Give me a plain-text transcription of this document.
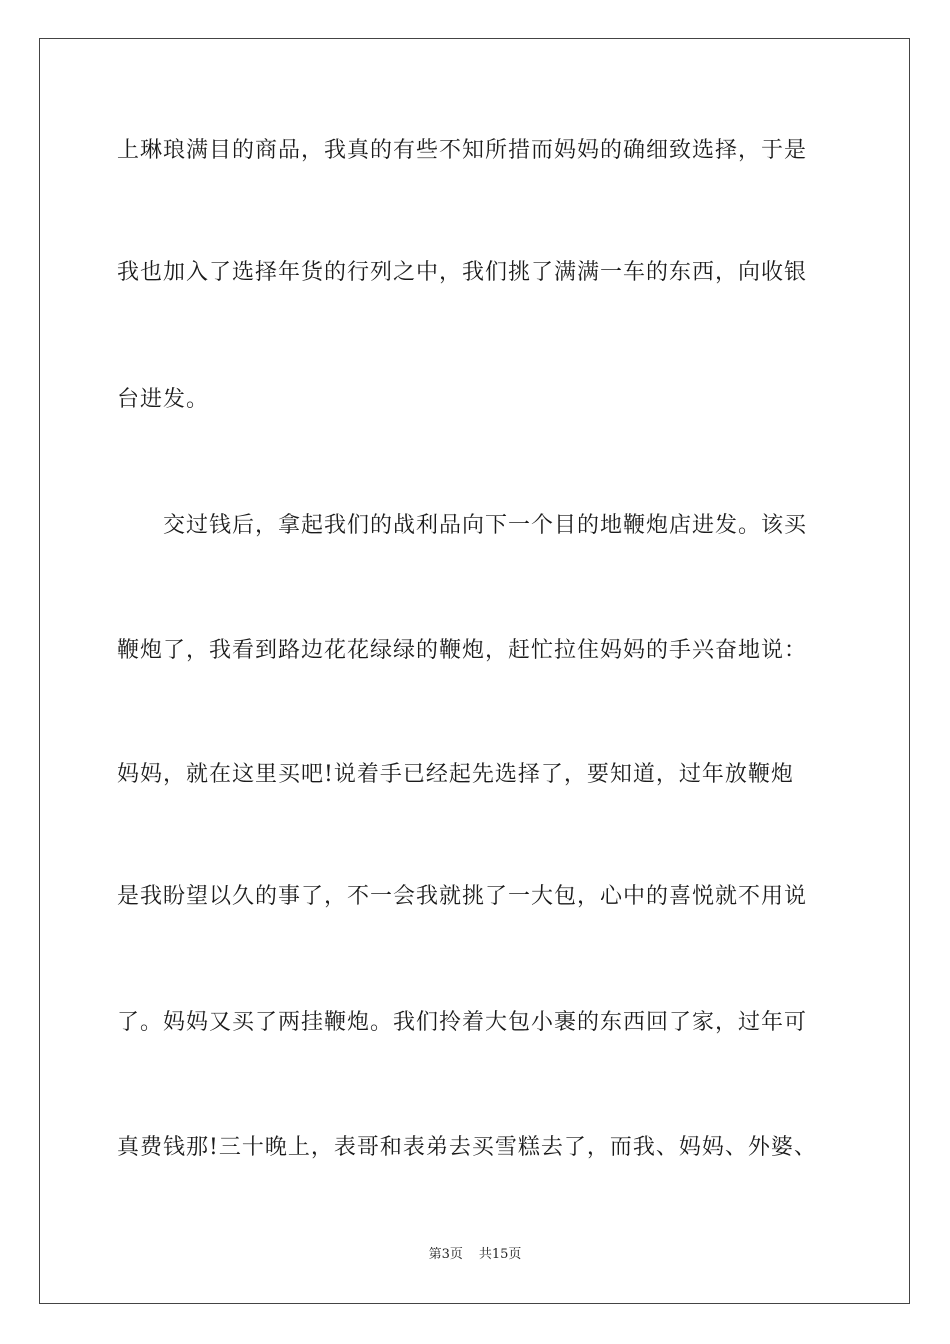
上琳琅满目的商品，我真的有些不知所措而妈妈的确细致选择，于是
我也加入了选择年货的行列之中，我们挑了满满一车的东西，向收银
台进发。
交过钱后，拿起我们的战利品向下一个目的地鞭炮店进发。该买
鞭炮了，我看到路边花花绿绿的鞭炮，赶忙拉住妈妈的手兴奋地说：
妈妈，就在这里买吧!说着手已经起先选择了，要知道，过年放鞭炮
是我盼望以久的事了，不一会我就挑了一大包，心中的喜悦就不用说
了。妈妈又买了两挂鞭炮。我们拎着大包小裹的东西回了家，过年可
真费钱那!三十晚上，表哥和表弟去买雪糕去了，而我、妈妈、外婆、
第3页 共15页
